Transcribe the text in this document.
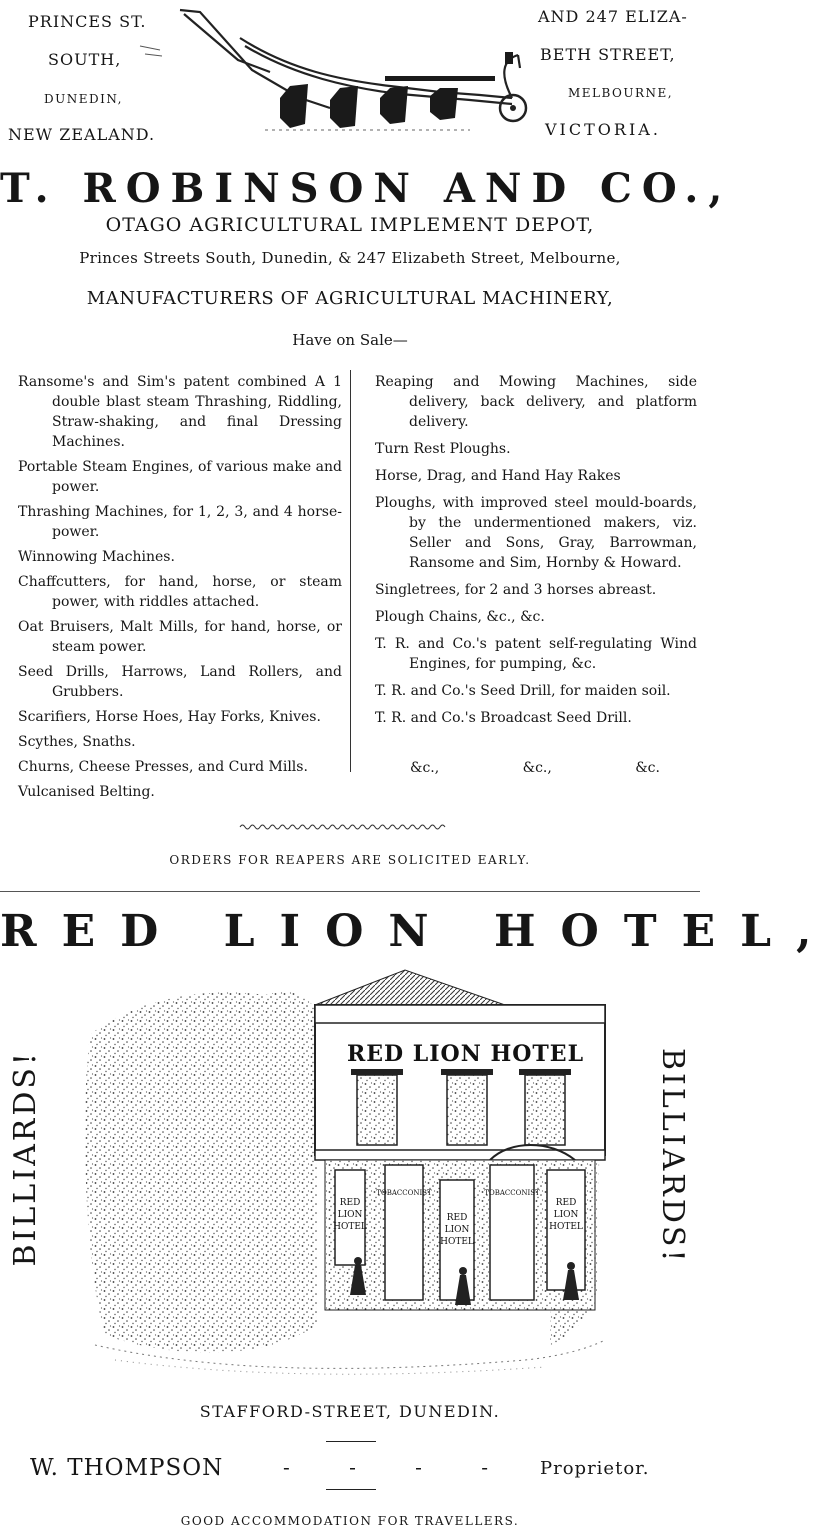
PRINCES ST.
SOUTH,
DUNEDIN,
NEW ZEALAND.
AND 247 ELIZA-
BETH STREET,
MELBOURNE,
VICTORIA.
T. ROBINSON AND CO.,
OTAGO AGRICULTURAL IMPLEMENT DEPOT,
Princes Streets South, Dunedin, & 247 Elizabeth Street, Melbourne,
MANUFACTURERS OF AGRICULTURAL MACHINERY,
Have on Sale—
Ransome's and Sim's patent combined A 1 double blast steam Thrashing, Riddling, Straw-shaking, and final Dressing Machines.
Portable Steam Engines, of various make and power.
Thrashing Machines, for 1, 2, 3, and 4 horse-power.
Winnowing Machines.
Chaffcutters, for hand, horse, or steam power, with riddles attached.
Oat Bruisers, Malt Mills, for hand, horse, or steam power.
Seed Drills, Harrows, Land Rollers, and Grubbers.
Scarifiers, Horse Hoes, Hay Forks, Knives.
Scythes, Snaths.
Churns, Cheese Presses, and Curd Mills.
Vulcanised Belting.
Reaping and Mowing Machines, side delivery, back delivery, and platform delivery.
Turn Rest Ploughs.
Horse, Drag, and Hand Hay Rakes
Ploughs, with improved steel mould-boards, by the undermentioned makers, viz. Seller and Sons, Gray, Barrowman, Ransome and Sim, Hornby & Howard.
Singletrees, for 2 and 3 horses abreast.
Plough Chains, &c., &c.
T. R. and Co.'s patent self-regulating Wind Engines, for pumping, &c.
T. R. and Co.'s Seed Drill, for maiden soil.
T. R. and Co.'s Broadcast Seed Drill.
&c.,	&c.,	&c.
ORDERS FOR REAPERS ARE SOLICITED EARLY.
RED LION HOTEL,
BILLIARDS!	BILLIARDS!
RED LION HOTEL
TOBACCONIST	TOBACCONIST
RED
LION
HOTEL
RED
LION
HOTEL
RED
LION
HOTEL
STAFFORD-STREET, DUNEDIN.
W. THOMPSON	-	-	-	-	Proprietor.
GOOD ACCOMMODATION FOR TRAVELLERS.
